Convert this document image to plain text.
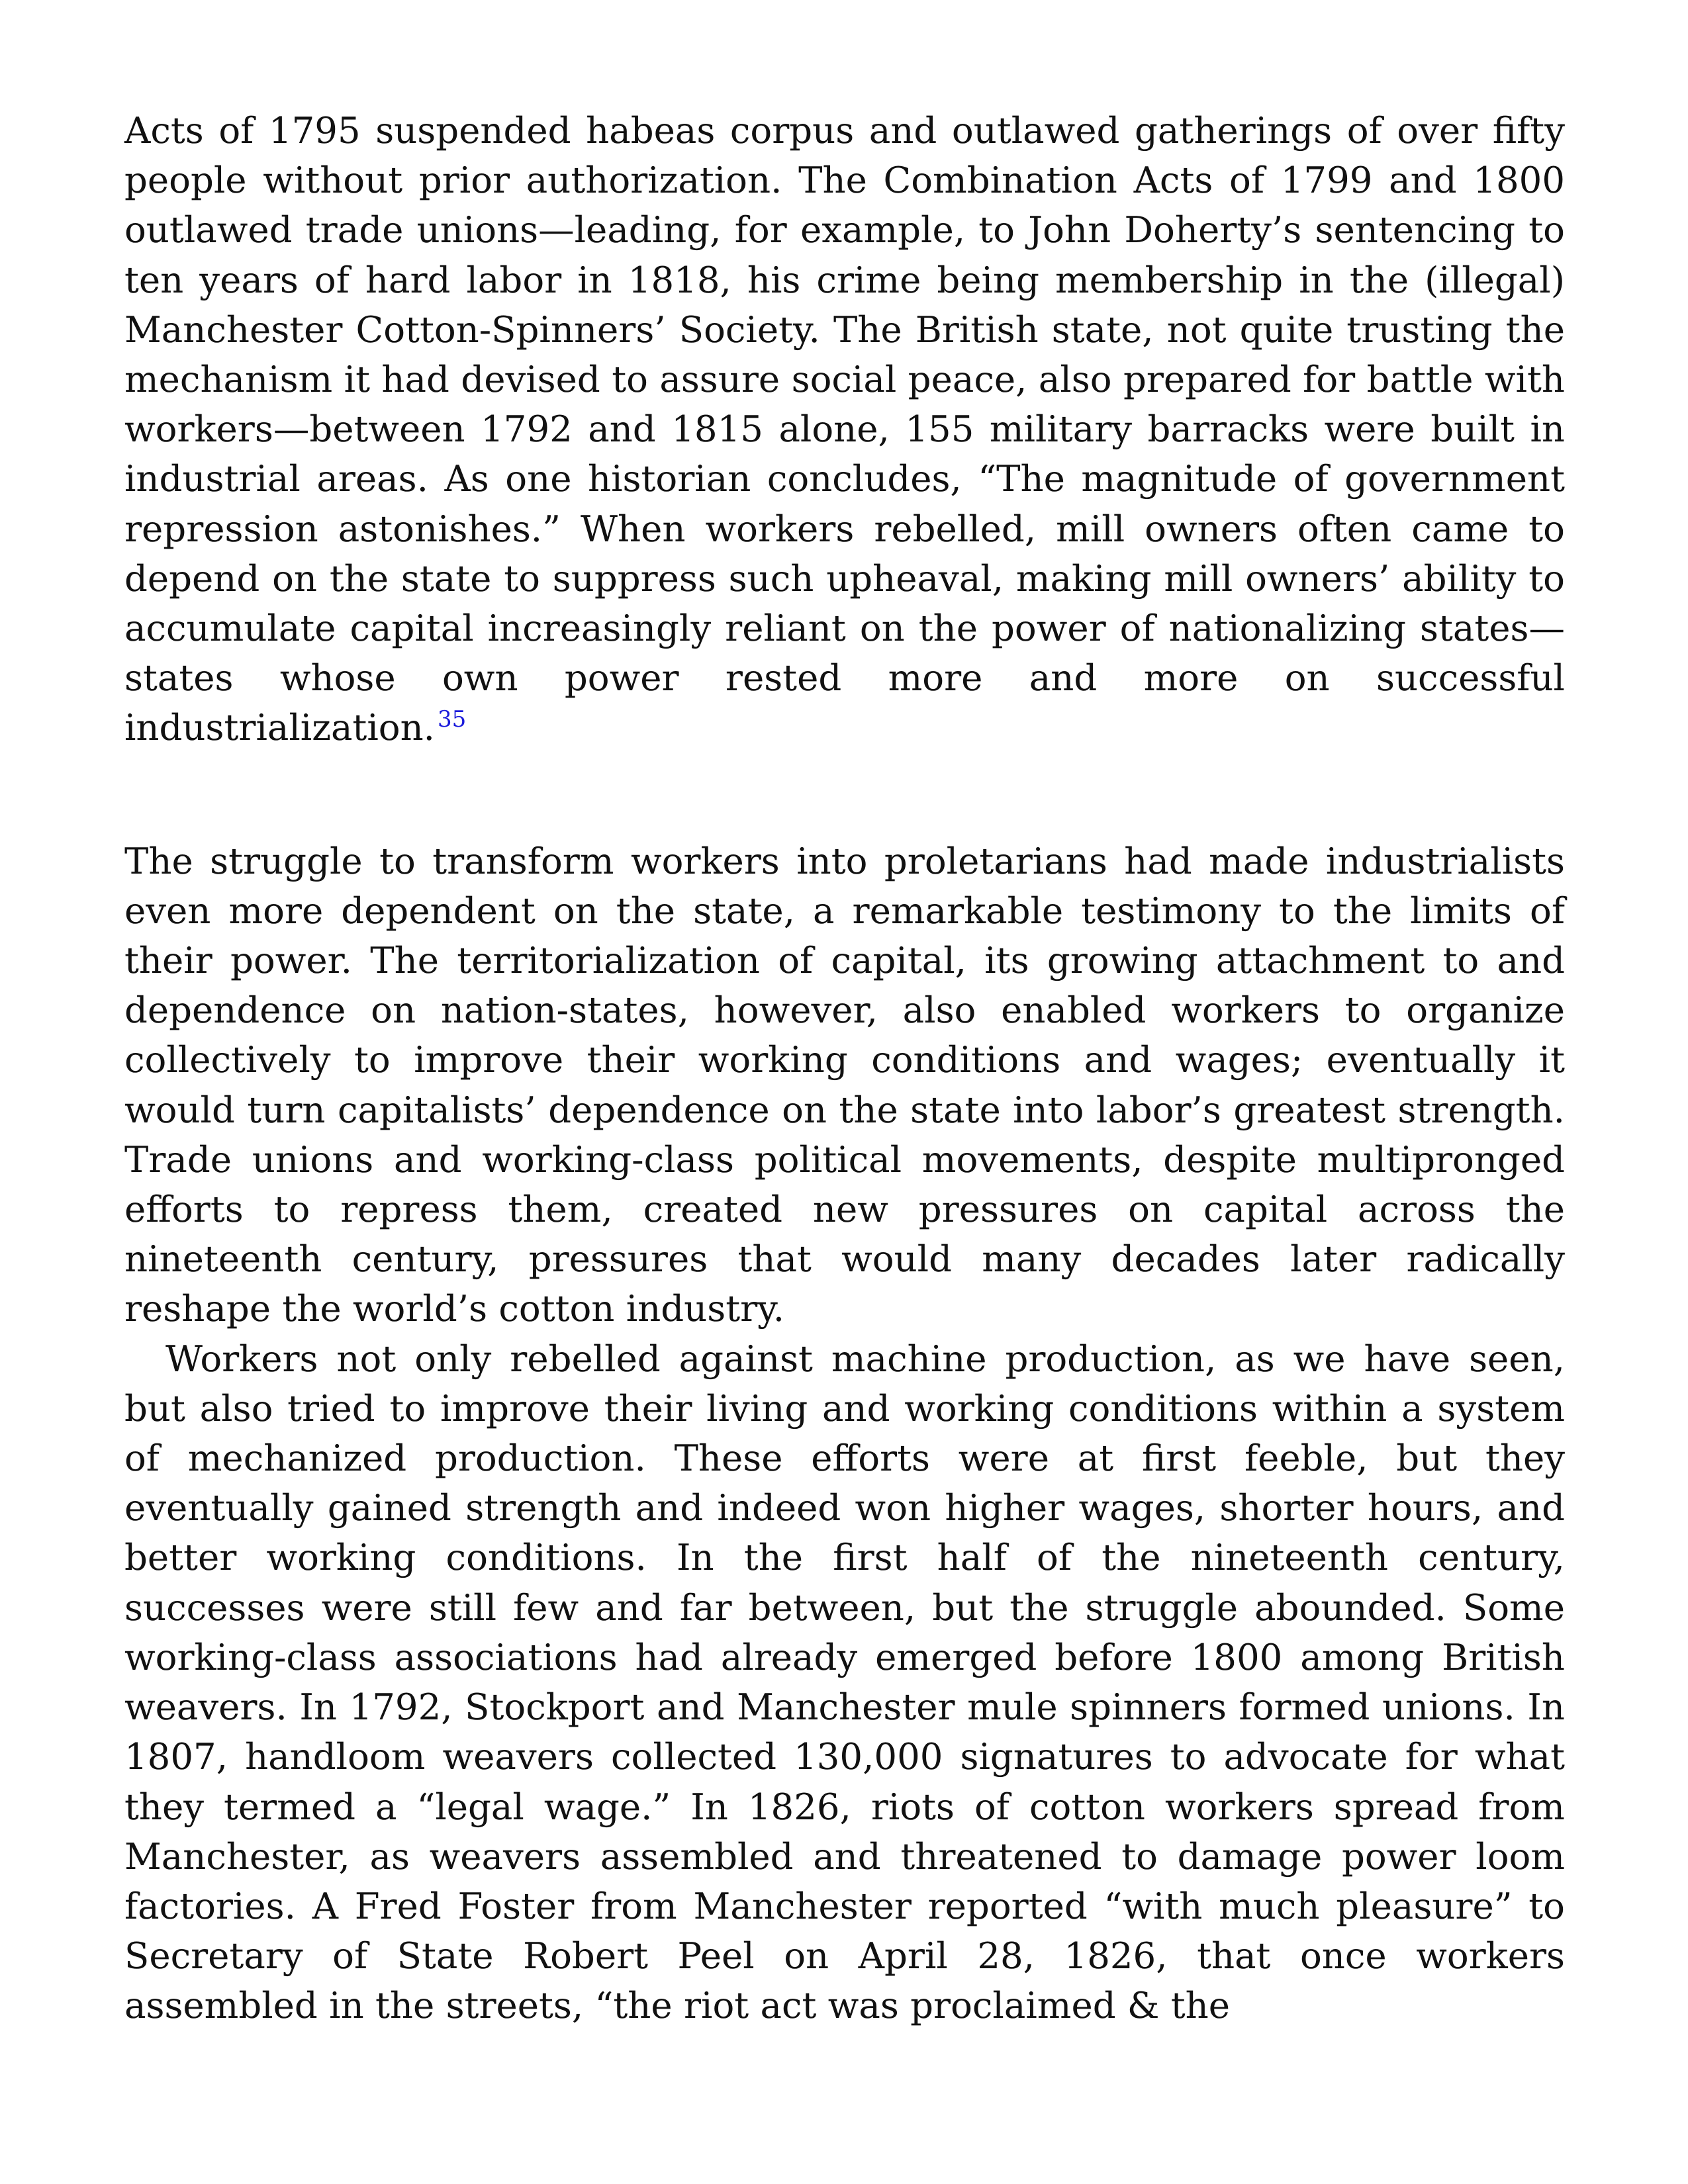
Acts of 1795 suspended habeas corpus and outlawed gatherings of over fifty people without prior authorization. The Combination Acts of 1799 and 1800 outlawed trade unions—leading, for example, to John Doherty’s sentencing to ten years of hard labor in 1818, his crime being membership in the (illegal) Manchester Cotton-Spinners’ Society. The British state, not quite trusting the mechanism it had devised to assure social peace, also prepared for battle with workers—between 1792 and 1815 alone, 155 military barracks were built in industrial areas. As one historian concludes, “The magnitude of government repression astonishes.” When workers rebelled, mill owners often came to depend on the state to suppress such upheaval, making mill owners’ ability to accumulate capital increasingly reliant on the power of nationalizing states—states whose own power rested more and more on successful industrialization. $^{35}$

The struggle to transform workers into proletarians had made industrialists even more dependent on the state, a remarkable testimony to the limits of their power. The territorialization of capital, its growing attachment to and dependence on nation-states, however, also enabled workers to organize collectively to improve their working conditions and wages; eventually it would turn capitalists’ dependence on the state into labor’s greatest strength. Trade unions and working-class political movements, despite multipronged efforts to repress them, created new pressures on capital across the nineteenth century, pressures that would many decades later radically reshape the world’s cotton industry.

Workers not only rebelled against machine production, as we have seen, but also tried to improve their living and working conditions within a system of mechanized production. These efforts were at first feeble, but they eventually gained strength and indeed won higher wages, shorter hours, and better working conditions. In the first half of the nineteenth century, successes were still few and far between, but the struggle abounded. Some working-class associations had already emerged before 1800 among British weavers. In 1792, Stockport and Manchester mule spinners formed unions. In 1807, handloom weavers collected 130,000 signatures to advocate for what they termed a “legal wage.” In 1826, riots of cotton workers spread from Manchester, as weavers assembled and threatened to damage power loom factories. A Fred Foster from Manchester reported “with much pleasure” to Secretary of State Robert Peel on April 28, 1826, that once workers assembled in the streets, “the riot act was proclaimed & the
